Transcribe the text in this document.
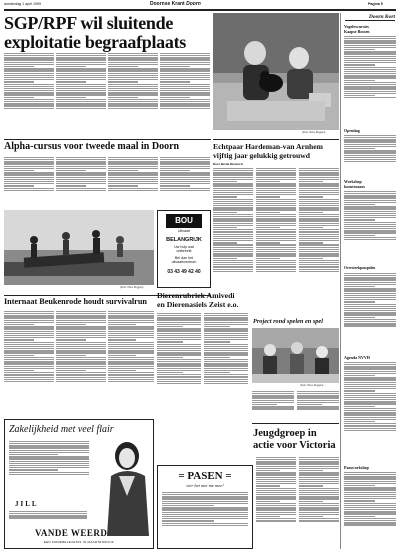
donderdag 1 april 1999	Doornse Krant Doorn	Pagina 5
SGP/RPF wil sluitende
exploitatie begraafplaats
(Foto: Hans Roggen)
Doorn Kort
Vogelexcursies
Kaapse Bossen
Opruiing
Workshop
kunstenaars
Oversteekpasspalen
Agenda NVVH
Paasworkshop
Alpha-cursus voor tweede maal in Doorn	Echtpaar Hardeman-van Arnhem
vijftig jaar gelukkig getrouwd
Door Bertie Dietvorst
(Foto: Hans Roggen)
BOU
Uitvaart
BELANGRIJK
Uw hulp wat
ontbreekt
Bel dan het
uitvaartcentrum
03 43 49 42 40
Internaat Beukenrode houdt survivalrun
Dierenrubriek Amivedi
en Dierenasiels Zeist e.o.
Project rond spelen en spel
(Foto: Hans Roggen)
Zakelijkheid met veel flair
JILL
VANDE WEERD
EEN MODEBELEVENIS IN MAARTENSDIJK
= PASEN =
vier het met me mee!
Jeugdgroep in
actie voor Victoria
